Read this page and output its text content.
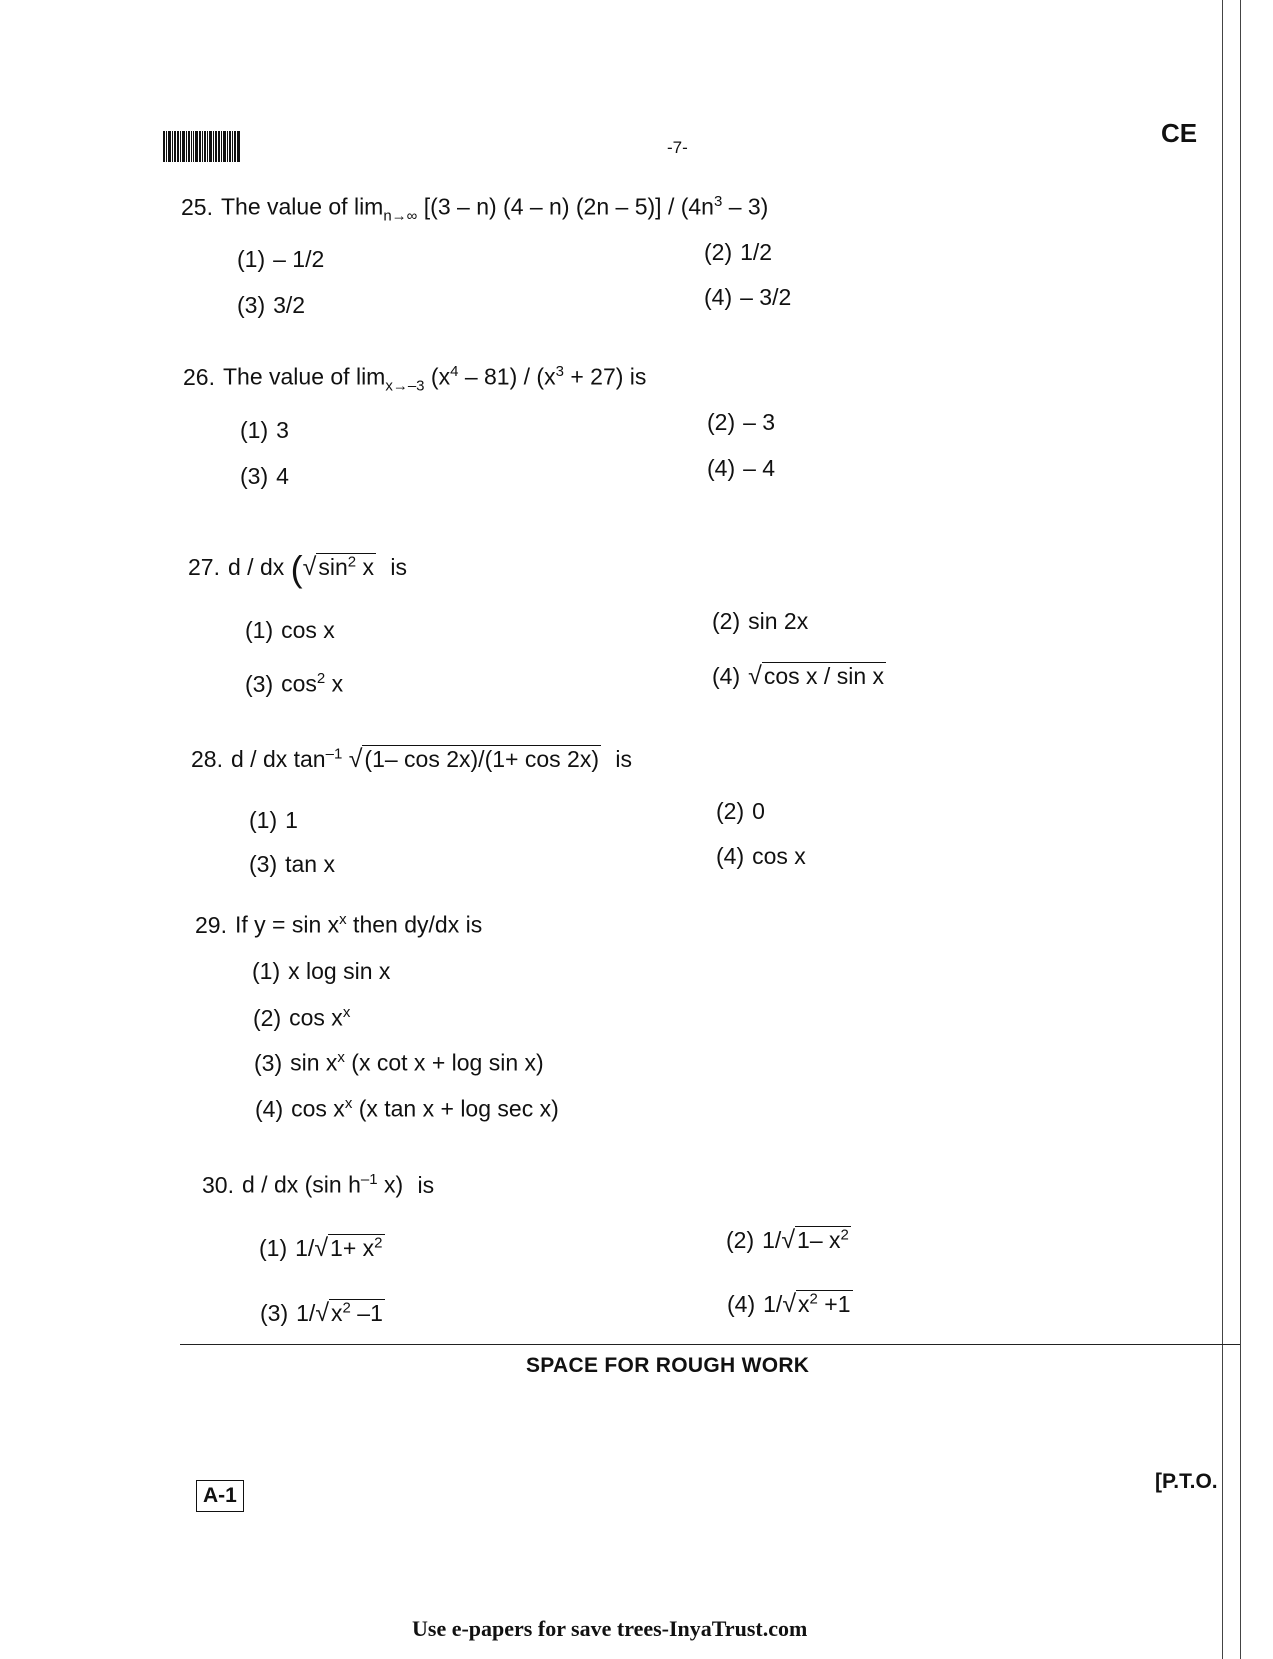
-7-	CE
25. The value of $\lim_{n\to\infty} [(3 - n)$ (4 – n) $(2n - 5)] / (4n^3 - 3)$
(1) – 1/2	(2) 1/2
(3) 3/2	(4) – 3/2
26. The value of $\lim_{x\to-3} (x^4 - 81) / (x^3 + 27)$ is
(1) 3	(2) – 3
(3) 4	(4) – 4
27. d / dx ($√\sin^2$ x is
(1) cos x	(2) sin 2x
(3) $\cos^2 x$	(4) √cos x / sin x
28. d / dx $\tan^{-1} √(1-$ cos 2x)/(1+ cos 2x) is
(1) 1	(2) 0
(3) tan x	(4) cos x
29. If $y = \sin x^x$ then dy/dx is
(1) x log sin x
(2) $\cos x^x$
(3) $\sin x^x$ (x cot x + log sin x)
(4) $\cos x^x$ (x tan x + log sec x)
30. d / dx (sin $h^{-1}$ x) is
(1) $1/√1+ x^2$	(2) 1/√1– $x^2$
(3) $1/√x^2$ –1	(4) $1/√x^2 +1$
SPACE FOR ROUGH WORK
A-1
[P.T.O.
Use e-papers for save trees-InyaTrust.com
